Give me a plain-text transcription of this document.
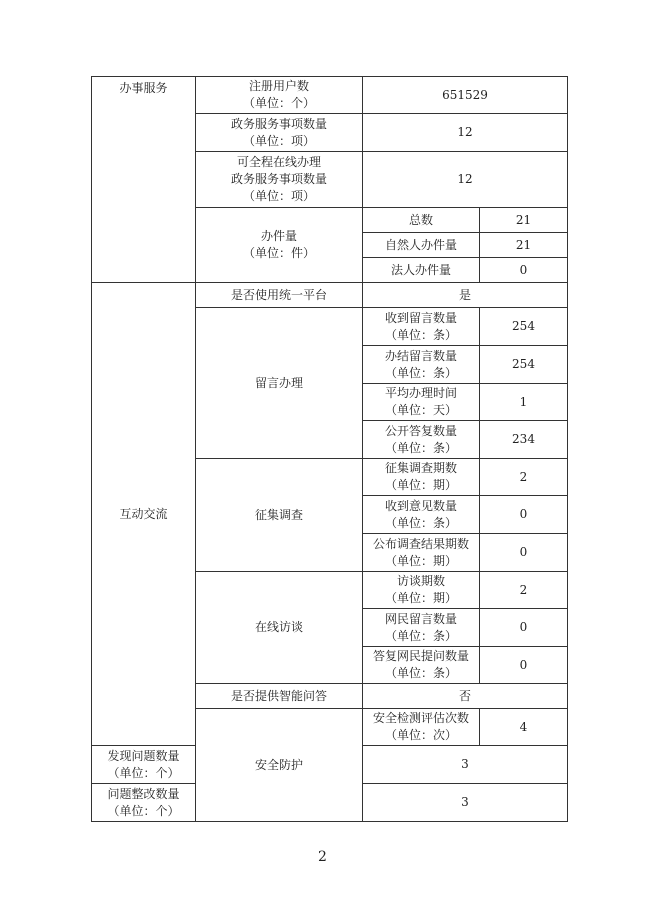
办事服务	注册用户数
（单位：个）	651529	

	政务服务事项数量
（单位：项）	12	

	可全程在线办理
政务服务事项数量
（单位：项）	12	

	办件量
（单位：件）	总数	21
		自然人办件量	21
		法人办件量	0
互动交流	是否使用统一平台	是	
	留言办理	收到留言数量
（单位：条）	254

		办结留言数量
（单位：条）	254

		平均办理时间
（单位：天）	1

		公开答复数量
（单位：条）	234
	征集调查	征集调查期数
（单位：期）	2

		收到意见数量
（单位：条）	0

		公布调查结果期数
（单位：期）	0
	在线访谈	访谈期数
（单位：期）	2

		网民留言数量
（单位：条）	0

		答复网民提问数量
（单位：条）	0
	是否提供智能问答	否	
	安全防护	安全检测评估次数
（单位：次）	4

发现问题数量
（单位：个）		3	

问题整改数量
（单位：个）		3	
2
